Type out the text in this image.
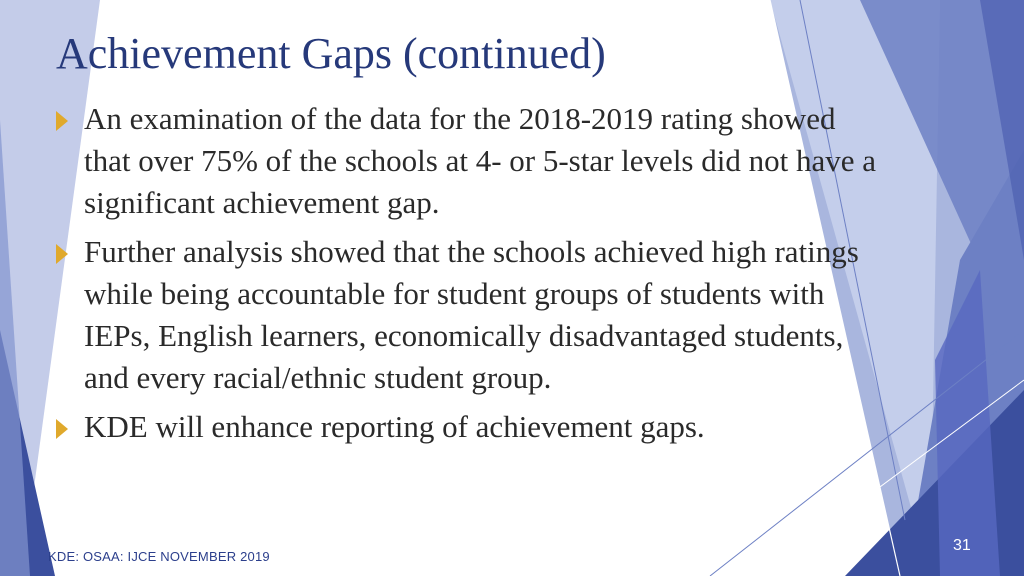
Achievement Gaps (continued)
An examination of the data for the 2018-2019 rating showed that over 75% of the schools at 4- or 5-star levels did not have a significant achievement gap.
Further analysis showed that the schools achieved high ratings while being accountable for student groups of students with IEPs, English learners, economically disadvantaged students, and every racial/ethnic student group.
KDE will enhance reporting of achievement gaps.
KDE: OSAA: IJCE NOVEMBER 2019
31
